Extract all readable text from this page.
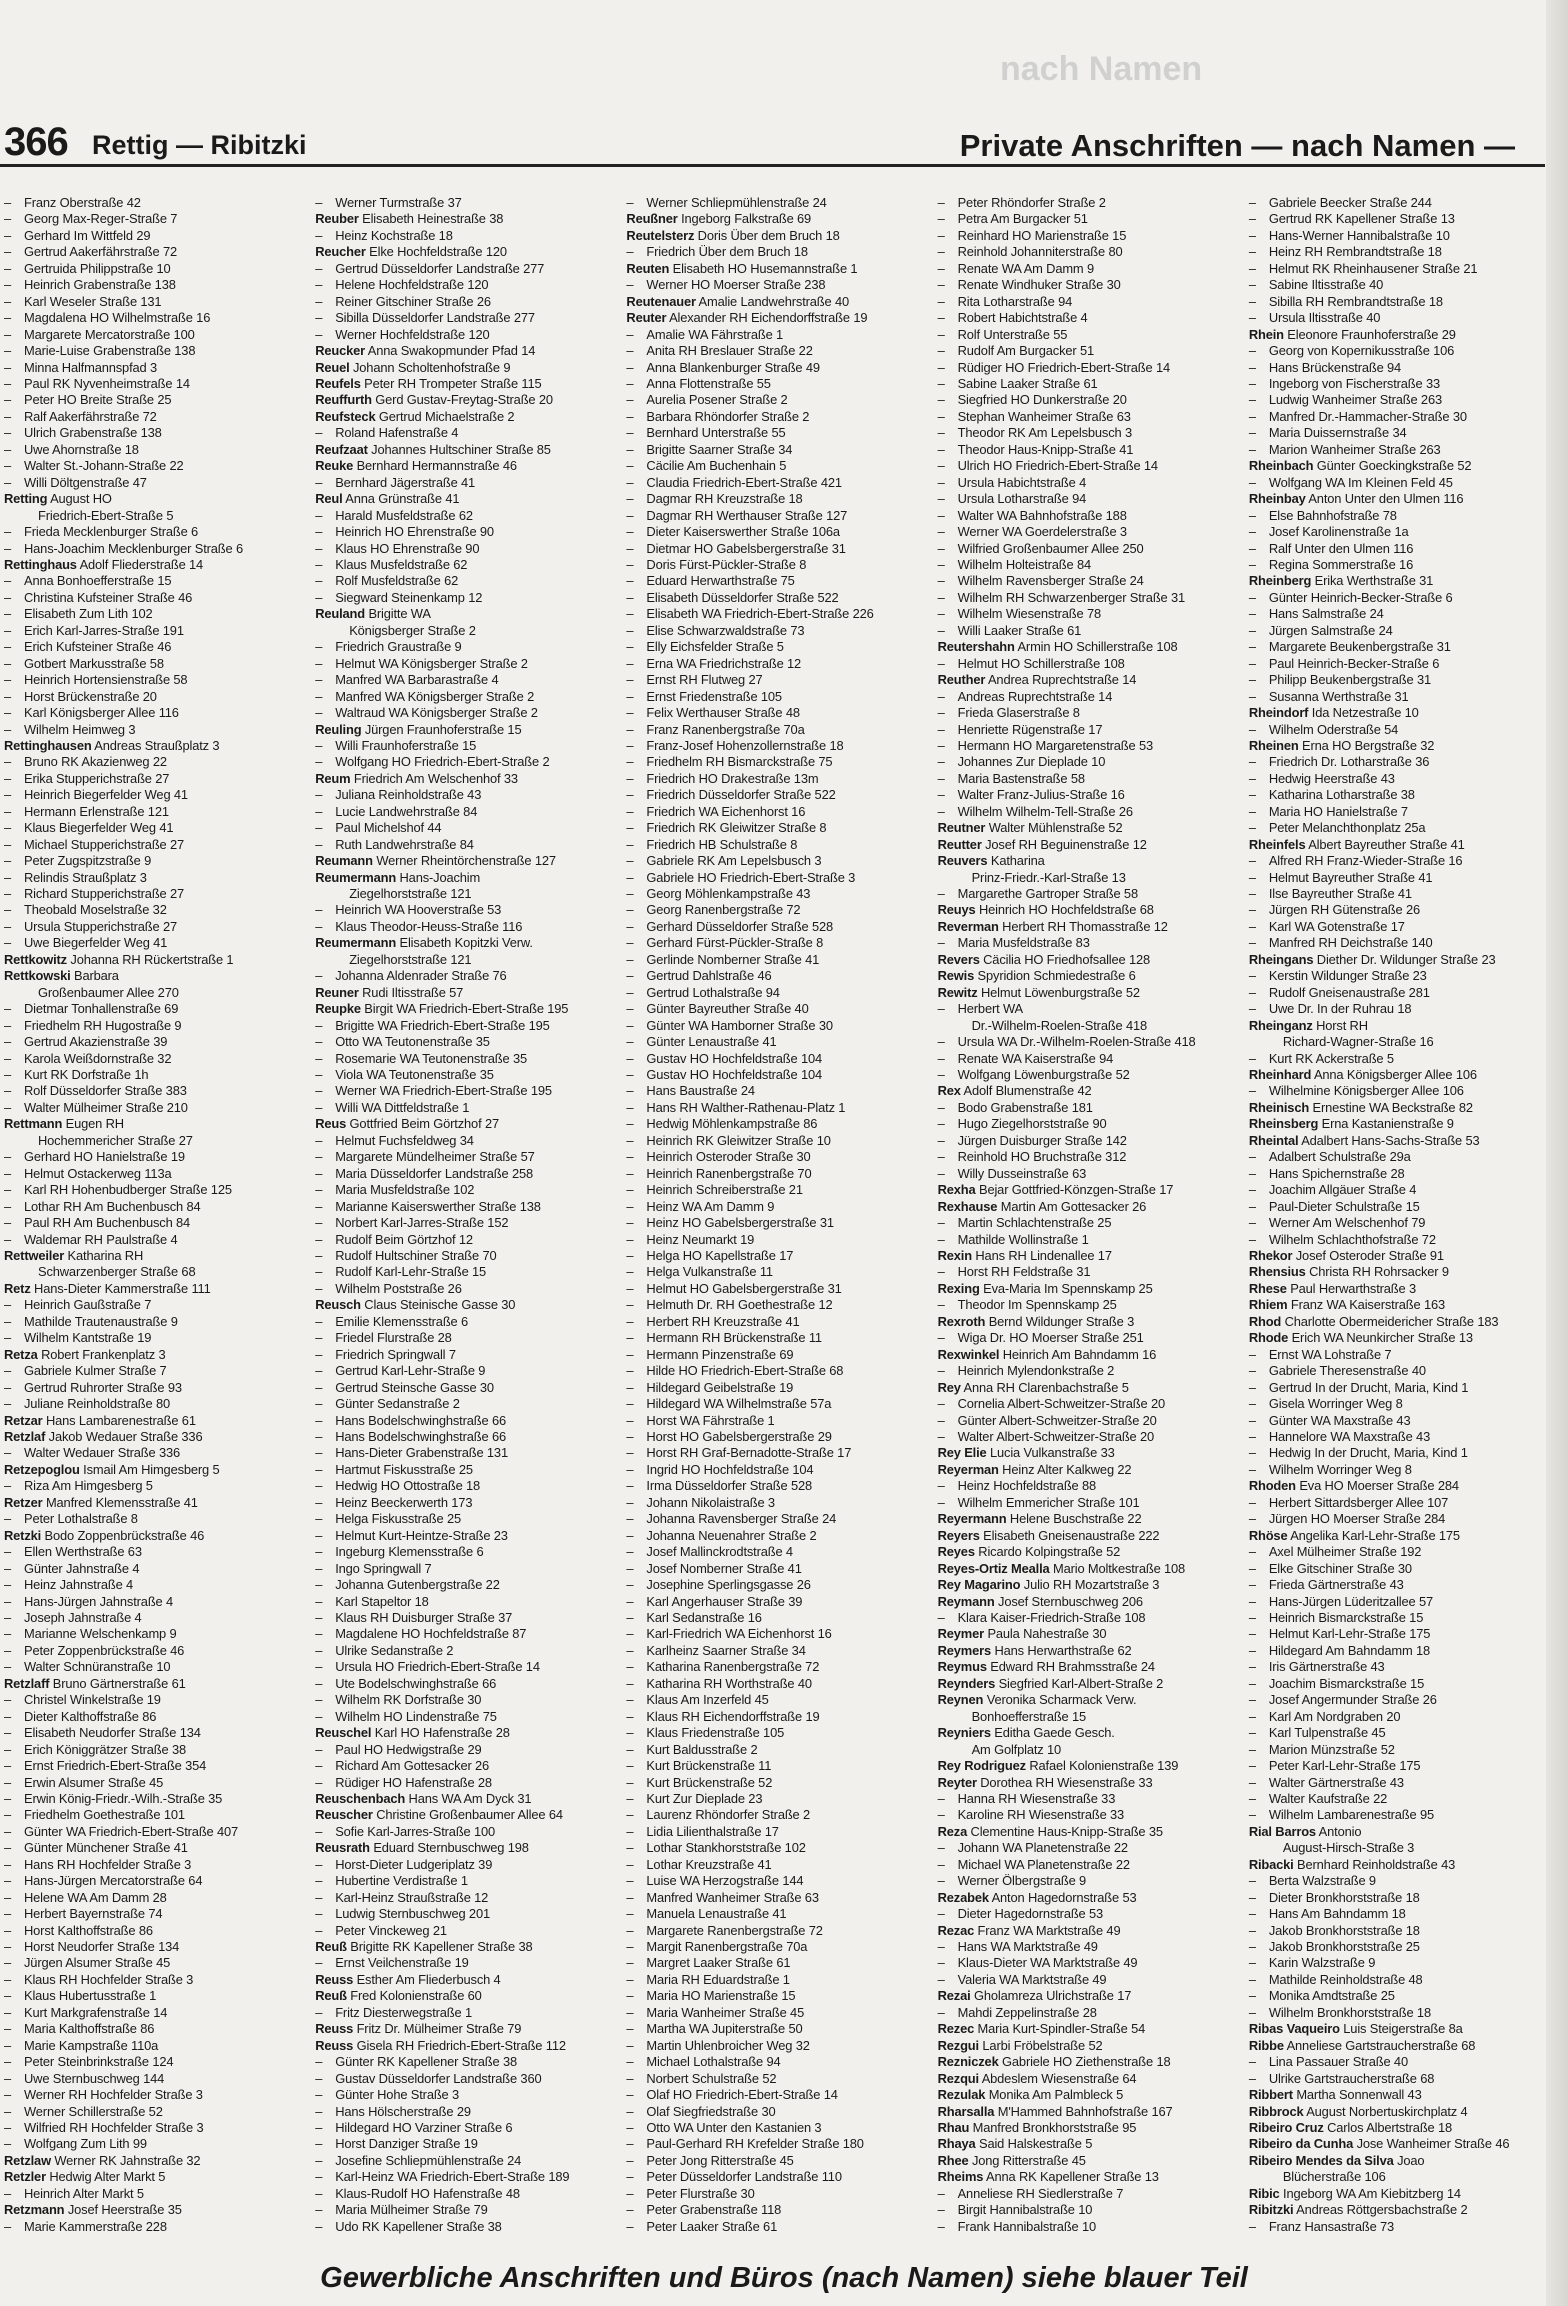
nach Namen
366 Rettig — Ribitzki	Private Anschriften — nach Namen —
– Franz Oberstraße 42
– Georg Max-Reger-Straße 7
– Gerhard Im Wittfeld 29
– Gertrud Aakerfährstraße 72
– Gertruida Philippstraße 10
– Heinrich Grabenstraße 138
– Karl Weseler Straße 131
– Magdalena HO Wilhelmstraße 16
– Margarete Mercatorstraße 100
– Marie-Luise Grabenstraße 138
– Minna Halfmannspfad 3
– Paul RK Nyvenheimstraße 14
– Peter HO Breite Straße 25
– Ralf Aakerfährstraße 72
– Ulrich Grabenstraße 138
– Uwe Ahornstraße 18
– Walter St.-Johann-Straße 22
– Willi Döltgenstraße 47
Retting August HO
Friedrich-Ebert-Straße 5
– Frieda Mecklenburger Straße 6
– Hans-Joachim Mecklenburger Straße 6
Rettinghaus Adolf Fliederstraße 14
– Anna Bonhoefferstraße 15
– Christina Kufsteiner Straße 46
– Elisabeth Zum Lith 102
– Erich Karl-Jarres-Straße 191
– Erich Kufsteiner Straße 46
– Gotbert Markusstraße 58
– Heinrich Hortensienstraße 58
– Horst Brückenstraße 20
– Karl Königsberger Allee 116
– Wilhelm Heimweg 3
Rettinghausen Andreas Straußplatz 3
– Bruno RK Akazienweg 22
– Erika Stupperichstraße 27
– Heinrich Biegerfelder Weg 41
– Hermann Erlenstraße 121
– Klaus Biegerfelder Weg 41
– Michael Stupperichstraße 27
– Peter Zugspitzstraße 9
– Relindis Straußplatz 3
– Richard Stupperichstraße 27
– Theobald Moselstraße 32
– Ursula Stupperichstraße 27
– Uwe Biegerfelder Weg 41
Rettkowitz Johanna RH Rückertstraße 1
Rettkowski Barbara
Großenbaumer Allee 270
– Dietmar Tonhallenstraße 69
– Friedhelm RH Hugostraße 9
– Gertrud Akazienstraße 39
– Karola Weißdornstraße 32
– Kurt RK Dorfstraße 1h
– Rolf Düsseldorfer Straße 383
– Walter Mülheimer Straße 210
Rettmann Eugen RH
Hochemmericher Straße 27
– Gerhard HO Hanielstraße 19
– Helmut Ostackerweg 113a
– Karl RH Hohenbudberger Straße 125
– Lothar RH Am Buchenbusch 84
– Paul RH Am Buchenbusch 84
– Waldemar RH Paulstraße 4
Rettweiler Katharina RH
Schwarzenberger Straße 68
Retz Hans-Dieter Kammerstraße 111
– Heinrich Gaußstraße 7
– Mathilde Trautenaustraße 9
– Wilhelm Kantstraße 19
Retza Robert Frankenplatz 3
– Gabriele Kulmer Straße 7
– Gertrud Ruhrorter Straße 93
– Juliane Reinholdstraße 80
Retzar Hans Lambarenestraße 61
Retzlaf Jakob Wedauer Straße 336
– Walter Wedauer Straße 336
Retzepoglou Ismail Am Himgesberg 5
– Riza Am Himgesberg 5
Retzer Manfred Klemensstraße 41
– Peter Lothalstraße 8
Retzki Bodo Zoppenbrückstraße 46
– Ellen Werthstraße 63
– Günter Jahnstraße 4
– Heinz Jahnstraße 4
– Hans-Jürgen Jahnstraße 4
– Joseph Jahnstraße 4
– Marianne Welschenkamp 9
– Peter Zoppenbrückstraße 46
– Walter Schnüranstraße 10
Retzlaff Bruno Gärtnerstraße 61
– Christel Winkelstraße 19
– Dieter Kalthoffstraße 86
– Elisabeth Neudorfer Straße 134
– Erich Königgrätzer Straße 38
– Ernst Friedrich-Ebert-Straße 354
– Erwin Alsumer Straße 45
– Erwin König-Friedr.-Wilh.-Straße 35
– Friedhelm Goethestraße 101
– Günter WA Friedrich-Ebert-Straße 407
– Günter Münchener Straße 41
– Hans RH Hochfelder Straße 3
– Hans-Jürgen Mercatorstraße 64
– Helene WA Am Damm 28
– Herbert Bayernstraße 74
– Horst Kalthoffstraße 86
– Horst Neudorfer Straße 134
– Jürgen Alsumer Straße 45
– Klaus RH Hochfelder Straße 3
– Klaus Hubertusstraße 1
– Kurt Markgrafenstraße 14
– Maria Kalthoffstraße 86
– Marie Kampstraße 110a
– Peter Steinbrinkstraße 124
– Uwe Sternbuschweg 144
– Werner RH Hochfelder Straße 3
– Werner Schillerstraße 52
– Wilfried RH Hochfelder Straße 3
– Wolfgang Zum Lith 99
Retzlaw Werner RK Jahnstraße 32
Retzler Hedwig Alter Markt 5
– Heinrich Alter Markt 5
Retzmann Josef Heerstraße 35
– Marie Kammerstraße 228
– Werner Turmstraße 37
Reuber Elisabeth Heinestraße 38
– Heinz Kochstraße 18
Reucher Elke Hochfeldstraße 120
– Gertrud Düsseldorfer Landstraße 277
– Helene Hochfeldstraße 120
– Reiner Gitschiner Straße 26
– Sibilla Düsseldorfer Landstraße 277
– Werner Hochfeldstraße 120
Reucker Anna Swakopmunder Pfad 14
Reuel Johann Scholtenhofstraße 9
Reufels Peter RH Trompeter Straße 115
Reuffurth Gerd Gustav-Freytag-Straße 20
Reufsteck Gertrud Michaelstraße 2
– Roland Hafenstraße 4
Reufzaat Johannes Hultschiner Straße 85
Reuke Bernhard Hermannstraße 46
– Bernhard Jägerstraße 41
Reul Anna Grünstraße 41
– Harald Musfeldstraße 62
– Heinrich HO Ehrenstraße 90
– Klaus HO Ehrenstraße 90
– Klaus Musfeldstraße 62
– Rolf Musfeldstraße 62
– Siegward Steinenkamp 12
Reuland Brigitte WA
Königsberger Straße 2
– Friedrich Graustraße 9
– Helmut WA Königsberger Straße 2
– Manfred WA Barbarastraße 4
– Manfred WA Königsberger Straße 2
– Waltraud WA Königsberger Straße 2
Reuling Jürgen Fraunhoferstraße 15
– Willi Fraunhoferstraße 15
– Wolfgang HO Friedrich-Ebert-Straße 2
Reum Friedrich Am Welschenhof 33
– Juliana Reinholdstraße 43
– Lucie Landwehrstraße 84
– Paul Michelshof 44
– Ruth Landwehrstraße 84
Reumann Werner Rheintörchenstraße 127
Reumermann Hans-Joachim
Ziegelhorststraße 121
– Heinrich WA Hooverstraße 53
– Klaus Theodor-Heuss-Straße 116
Reumermann Elisabeth Kopitzki Verw.
Ziegelhorststraße 121
– Johanna Aldenrader Straße 76
Reuner Rudi Iltisstraße 57
Reupke Birgit WA Friedrich-Ebert-Straße 195
– Brigitte WA Friedrich-Ebert-Straße 195
– Otto WA Teutonenstraße 35
– Rosemarie WA Teutonenstraße 35
– Viola WA Teutonenstraße 35
– Werner WA Friedrich-Ebert-Straße 195
– Willi WA Dittfeldstraße 1
Reus Gottfried Beim Görtzhof 27
– Helmut Fuchsfeldweg 34
– Margarete Mündelheimer Straße 57
– Maria Düsseldorfer Landstraße 258
– Maria Musfeldstraße 102
– Marianne Kaiserswerther Straße 138
– Norbert Karl-Jarres-Straße 152
– Rudolf Beim Görtzhof 12
– Rudolf Hultschiner Straße 70
– Rudolf Karl-Lehr-Straße 15
– Wilhelm Poststraße 26
Reusch Claus Steinische Gasse 30
– Emilie Klemensstraße 6
– Friedel Flurstraße 28
– Friedrich Springwall 7
– Gertrud Karl-Lehr-Straße 9
– Gertrud Steinsche Gasse 30
– Günter Sedanstraße 2
– Hans Bodelschwinghstraße 66
– Hans Bodelschwinghstraße 66
– Hans-Dieter Grabenstraße 131
– Hartmut Fiskusstraße 25
– Hedwig HO Ottostraße 18
– Heinz Beeckerwerth 173
– Helga Fiskusstraße 25
– Helmut Kurt-Heintze-Straße 23
– Ingeburg Klemensstraße 6
– Ingo Springwall 7
– Johanna Gutenbergstraße 22
– Karl Stapeltor 18
– Klaus RH Duisburger Straße 37
– Magdalene HO Hochfeldstraße 87
– Ulrike Sedanstraße 2
– Ursula HO Friedrich-Ebert-Straße 14
– Ute Bodelschwinghstraße 66
– Wilhelm RK Dorfstraße 30
– Wilhelm HO Lindenstraße 75
Reuschel Karl HO Hafenstraße 28
– Paul HO Hedwigstraße 29
– Richard Am Gottesacker 26
– Rüdiger HO Hafenstraße 28
Reuschenbach Hans WA Am Dyck 31
Reuscher Christine Großenbaumer Allee 64
– Sofie Karl-Jarres-Straße 100
Reusrath Eduard Sternbuschweg 198
– Horst-Dieter Ludgeriplatz 39
– Hubertine Verdistraße 1
– Karl-Heinz Straußstraße 12
– Ludwig Sternbuschweg 201
– Peter Vinckeweg 21
Reuß Brigitte RK Kapellener Straße 38
– Ernst Veilchenstraße 19
Reuss Esther Am Fliederbusch 4
Reuß Fred Kolonienstraße 60
– Fritz Diesterwegstraße 1
Reuss Fritz Dr. Mülheimer Straße 79
Reuss Gisela RH Friedrich-Ebert-Straße 112
– Günter RK Kapellener Straße 38
– Gustav Düsseldorfer Landstraße 360
– Günter Hohe Straße 3
– Hans Hölscherstraße 29
– Hildegard HO Varziner Straße 6
– Horst Danziger Straße 19
– Josefine Schliepmühlenstraße 24
– Karl-Heinz WA Friedrich-Ebert-Straße 189
– Klaus-Rudolf HO Hafenstraße 48
– Maria Mülheimer Straße 79
– Udo RK Kapellener Straße 38
– Werner Schliepmühlenstraße 24
Reußner Ingeborg Falkstraße 69
Reutelsterz Doris Über dem Bruch 18
– Friedrich Über dem Bruch 18
Reuten Elisabeth HO Husemannstraße 1
– Werner HO Moerser Straße 238
Reutenauer Amalie Landwehrstraße 40
Reuter Alexander RH Eichendorffstraße 19
– Amalie WA Fährstraße 1
– Anita RH Breslauer Straße 22
– Anna Blankenburger Straße 49
– Anna Flottenstraße 55
– Aurelia Posener Straße 2
– Barbara Rhöndorfer Straße 2
– Bernhard Unterstraße 55
– Brigitte Saarner Straße 34
– Cäcilie Am Buchenhain 5
– Claudia Friedrich-Ebert-Straße 421
– Dagmar RH Kreuzstraße 18
– Dagmar RH Werthauser Straße 127
– Dieter Kaiserswerther Straße 106a
– Dietmar HO Gabelsbergerstraße 31
– Doris Fürst-Pückler-Straße 8
– Eduard Herwarthstraße 75
– Elisabeth Düsseldorfer Straße 522
– Elisabeth WA Friedrich-Ebert-Straße 226
– Elise Schwarzwaldstraße 73
– Elly Eichsfelder Straße 5
– Erna WA Friedrichstraße 12
– Ernst RH Flutweg 27
– Ernst Friedenstraße 105
– Felix Werthauser Straße 48
– Franz Ranenbergstraße 70a
– Franz-Josef Hohenzollernstraße 18
– Friedhelm RH Bismarckstraße 75
– Friedrich HO Drakestraße 13m
– Friedrich Düsseldorfer Straße 522
– Friedrich WA Eichenhorst 16
– Friedrich RK Gleiwitzer Straße 8
– Friedrich HB Schulstraße 8
– Gabriele RK Am Lepelsbusch 3
– Gabriele HO Friedrich-Ebert-Straße 3
– Georg Möhlenkampstraße 43
– Georg Ranenbergstraße 72
– Gerhard Düsseldorfer Straße 528
– Gerhard Fürst-Pückler-Straße 8
– Gerlinde Nomberner Straße 41
– Gertrud Dahlstraße 46
– Gertrud Lothalstraße 94
– Günter Bayreuther Straße 40
– Günter WA Hamborner Straße 30
– Günter Lenaustraße 41
– Gustav HO Hochfeldstraße 104
– Gustav HO Hochfeldstraße 104
– Hans Baustraße 24
– Hans RH Walther-Rathenau-Platz 1
– Hedwig Möhlenkampstraße 86
– Heinrich RK Gleiwitzer Straße 10
– Heinrich Osteroder Straße 30
– Heinrich Ranenbergstraße 70
– Heinrich Schreiberstraße 21
– Heinz WA Am Damm 9
– Heinz HO Gabelsbergerstraße 31
– Heinz Neumarkt 19
– Helga HO Kapellstraße 17
– Helga Vulkanstraße 11
– Helmut HO Gabelsbergerstraße 31
– Helmuth Dr. RH Goethestraße 12
– Herbert RH Kreuzstraße 41
– Hermann RH Brückenstraße 11
– Hermann Pinzenstraße 69
– Hilde HO Friedrich-Ebert-Straße 68
– Hildegard Geibelstraße 19
– Hildegard WA Wilhelmstraße 57a
– Horst WA Fährstraße 1
– Horst HO Gabelsbergerstraße 29
– Horst RH Graf-Bernadotte-Straße 17
– Ingrid HO Hochfeldstraße 104
– Irma Düsseldorfer Straße 528
– Johann Nikolaistraße 3
– Johanna Ravensberger Straße 24
– Johanna Neuenahrer Straße 2
– Josef Mallinckrodtstraße 4
– Josef Nomberner Straße 41
– Josephine Sperlingsgasse 26
– Karl Angerhauser Straße 39
– Karl Sedanstraße 16
– Karl-Friedrich WA Eichenhorst 16
– Karlheinz Saarner Straße 34
– Katharina Ranenbergstraße 72
– Katharina RH Worthstraße 40
– Klaus Am Inzerfeld 45
– Klaus RH Eichendorffstraße 19
– Klaus Friedenstraße 105
– Kurt Baldusstraße 2
– Kurt Brückenstraße 11
– Kurt Brückenstraße 52
– Kurt Zur Dieplade 23
– Laurenz Rhöndorfer Straße 2
– Lidia Lilienthalstraße 17
– Lothar Stankhorststraße 102
– Lothar Kreuzstraße 41
– Luise WA Herzogstraße 144
– Manfred Wanheimer Straße 63
– Manuela Lenaustraße 41
– Margarete Ranenbergstraße 72
– Margit Ranenbergstraße 70a
– Margret Laaker Straße 61
– Maria RH Eduardstraße 1
– Maria HO Marienstraße 15
– Maria Wanheimer Straße 45
– Martha WA Jupiterstraße 50
– Martin Uhlenbroicher Weg 32
– Michael Lothalstraße 94
– Norbert Schulstraße 52
– Olaf HO Friedrich-Ebert-Straße 14
– Olaf Siegfriedstraße 30
– Otto WA Unter den Kastanien 3
– Paul-Gerhard RH Krefelder Straße 180
– Peter Jong Ritterstraße 45
– Peter Düsseldorfer Landstraße 110
– Peter Flurstraße 30
– Peter Grabenstraße 118
– Peter Laaker Straße 61
– Peter Rhöndorfer Straße 2
– Petra Am Burgacker 51
– Reinhard HO Marienstraße 15
– Reinhold Johanniterstraße 80
– Renate WA Am Damm 9
– Renate Windhuker Straße 30
– Rita Lotharstraße 94
– Robert Habichtstraße 4
– Rolf Unterstraße 55
– Rudolf Am Burgacker 51
– Rüdiger HO Friedrich-Ebert-Straße 14
– Sabine Laaker Straße 61
– Siegfried HO Dunkerstraße 20
– Stephan Wanheimer Straße 63
– Theodor RK Am Lepelsbusch 3
– Theodor Haus-Knipp-Straße 41
– Ulrich HO Friedrich-Ebert-Straße 14
– Ursula Habichtstraße 4
– Ursula Lotharstraße 94
– Walter WA Bahnhofstraße 188
– Werner WA Goerdelerstraße 3
– Wilfried Großenbaumer Allee 250
– Wilhelm Holteistraße 84
– Wilhelm Ravensberger Straße 24
– Wilhelm RH Schwarzenberger Straße 31
– Wilhelm Wiesenstraße 78
– Willi Laaker Straße 61
Reutershahn Armin HO Schillerstraße 108
– Helmut HO Schillerstraße 108
Reuther Andrea Ruprechtstraße 14
– Andreas Ruprechtstraße 14
– Frieda Glaserstraße 8
– Henriette Rügenstraße 17
– Hermann HO Margaretenstraße 53
– Johannes Zur Dieplade 10
– Maria Bastenstraße 58
– Walter Franz-Julius-Straße 16
– Wilhelm Wilhelm-Tell-Straße 26
Reutner Walter Mühlenstraße 52
Reutter Josef RH Beguinenstraße 12
Reuvers Katharina
Prinz-Friedr.-Karl-Straße 13
– Margarethe Gartroper Straße 58
Reuys Heinrich HO Hochfeldstraße 68
Reverman Herbert RH Thomasstraße 12
– Maria Musfeldstraße 83
Revers Cäcilia HO Friedhofsallee 128
Rewis Spyridion Schmiedestraße 6
Rewitz Helmut Löwenburgstraße 52
– Herbert WA
Dr.-Wilhelm-Roelen-Straße 418
– Ursula WA Dr.-Wilhelm-Roelen-Straße 418
– Renate WA Kaiserstraße 94
– Wolfgang Löwenburgstraße 52
Rex Adolf Blumenstraße 42
– Bodo Grabenstraße 181
– Hugo Ziegelhorststraße 90
– Jürgen Duisburger Straße 142
– Reinhold HO Bruchstraße 312
– Willy Dusseinstraße 63
Rexha Bejar Gottfried-Könzgen-Straße 17
Rexhause Martin Am Gottesacker 26
– Martin Schlachtenstraße 25
– Mathilde Wollinstraße 1
Rexin Hans RH Lindenallee 17
– Horst RH Feldstraße 31
Rexing Eva-Maria Im Spennskamp 25
– Theodor Im Spennskamp 25
Rexroth Bernd Wildunger Straße 3
– Wiga Dr. HO Moerser Straße 251
Rexwinkel Heinrich Am Bahndamm 16
– Heinrich Mylendonkstraße 2
Rey Anna RH Clarenbachstraße 5
– Cornelia Albert-Schweitzer-Straße 20
– Günter Albert-Schweitzer-Straße 20
– Walter Albert-Schweitzer-Straße 20
Rey Elie Lucia Vulkanstraße 33
Reyerman Heinz Alter Kalkweg 22
– Heinz Hochfeldstraße 88
– Wilhelm Emmericher Straße 101
Reyermann Helene Buschstraße 22
Reyers Elisabeth Gneisenaustraße 222
Reyes Ricardo Kolpingstraße 52
Reyes-Ortiz Mealla Mario Moltkestraße 108
Rey Magarino Julio RH Mozartstraße 3
Reymann Josef Sternbuschweg 206
– Klara Kaiser-Friedrich-Straße 108
Reymer Paula Nahestraße 30
Reymers Hans Herwarthstraße 62
Reymus Edward RH Brahmsstraße 24
Reynders Siegfried Karl-Albert-Straße 2
Reynen Veronika Scharmack Verw.
Bonhoefferstraße 15
Reyniers Editha Gaede Gesch.
Am Golfplatz 10
Rey Rodriguez Rafael Kolonienstraße 139
Reyter Dorothea RH Wiesenstraße 33
– Hanna RH Wiesenstraße 33
– Karoline RH Wiesenstraße 33
Reza Clementine Haus-Knipp-Straße 35
– Johann WA Planetenstraße 22
– Michael WA Planetenstraße 22
– Werner Ölbergstraße 9
Rezabek Anton Hagedornstraße 53
– Dieter Hagedornstraße 53
Rezac Franz WA Marktstraße 49
– Hans WA Marktstraße 49
– Klaus-Dieter WA Marktstraße 49
– Valeria WA Marktstraße 49
Rezai Gholamreza Ulrichstraße 17
– Mahdi Zeppelinstraße 28
Rezec Maria Kurt-Spindler-Straße 54
Rezgui Larbi Fröbelstraße 52
Rezniczek Gabriele HO Ziethenstraße 18
Rezqui Abdeslem Wiesenstraße 64
Rezulak Monika Am Palmbleck 5
Rharsalla M'Hammed Bahnhofstraße 167
Rhau Manfred Bronkhorststraße 95
Rhaya Said Halskestraße 5
Rhee Jong Ritterstraße 45
Rheims Anna RK Kapellener Straße 13
– Anneliese RH Siedlerstraße 7
– Birgit Hannibalstraße 10
– Frank Hannibalstraße 10
– Gabriele Beecker Straße 244
– Gertrud RK Kapellener Straße 13
– Hans-Werner Hannibalstraße 10
– Heinz RH Rembrandtstraße 18
– Helmut RK Rheinhausener Straße 21
– Sabine Iltisstraße 40
– Sibilla RH Rembrandtstraße 18
– Ursula Iltisstraße 40
Rhein Eleonore Fraunhoferstraße 29
– Georg von Kopernikusstraße 106
– Hans Brückenstraße 94
– Ingeborg von Fischerstraße 33
– Ludwig Wanheimer Straße 263
– Manfred Dr.-Hammacher-Straße 30
– Maria Duissernstraße 34
– Marion Wanheimer Straße 263
Rheinbach Günter Goeckingkstraße 52
– Wolfgang WA Im Kleinen Feld 45
Rheinbay Anton Unter den Ulmen 116
– Else Bahnhofstraße 78
– Josef Karolinenstraße 1a
– Ralf Unter den Ulmen 116
– Regina Sommerstraße 16
Rheinberg Erika Werthstraße 31
– Günter Heinrich-Becker-Straße 6
– Hans Salmstraße 24
– Jürgen Salmstraße 24
– Margarete Beukenbergstraße 31
– Paul Heinrich-Becker-Straße 6
– Philipp Beukenbergstraße 31
– Susanna Werthstraße 31
Rheindorf Ida Netzestraße 10
– Wilhelm Oderstraße 54
Rheinen Erna HO Bergstraße 32
– Friedrich Dr. Lotharstraße 36
– Hedwig Heerstraße 43
– Katharina Lotharstraße 38
– Maria HO Hanielstraße 7
– Peter Melanchthonplatz 25a
Rheinfels Albert Bayreuther Straße 41
– Alfred RH Franz-Wieder-Straße 16
– Helmut Bayreuther Straße 41
– Ilse Bayreuther Straße 41
– Jürgen RH Gütenstraße 26
– Karl WA Gotenstraße 17
– Manfred RH Deichstraße 140
Rheingans Diether Dr. Wildunger Straße 23
– Kerstin Wildunger Straße 23
– Rudolf Gneisenaustraße 281
– Uwe Dr. In der Ruhrau 18
Rheinganz Horst RH
Richard-Wagner-Straße 16
– Kurt RK Ackerstraße 5
Rheinhard Anna Königsberger Allee 106
– Wilhelmine Königsberger Allee 106
Rheinisch Ernestine WA Beckstraße 82
Rheinsberg Erna Kastanienstraße 9
Rheintal Adalbert Hans-Sachs-Straße 53
– Adalbert Schulstraße 29a
– Hans Spichernstraße 28
– Joachim Allgäuer Straße 4
– Paul-Dieter Schulstraße 15
– Werner Am Welschenhof 79
– Wilhelm Schlachthofstraße 72
Rhekor Josef Osteroder Straße 91
Rhensius Christa RH Rohrsacker 9
Rhese Paul Herwarthstraße 3
Rhiem Franz WA Kaiserstraße 163
Rhod Charlotte Obermeidericher Straße 183
Rhode Erich WA Neunkircher Straße 13
– Ernst WA Lohstraße 7
– Gabriele Theresenstraße 40
– Gertrud In der Drucht, Maria, Kind 1
– Gisela Worringer Weg 8
– Günter WA Maxstraße 43
– Hannelore WA Maxstraße 43
– Hedwig In der Drucht, Maria, Kind 1
– Wilhelm Worringer Weg 8
Rhoden Eva HO Moerser Straße 284
– Herbert Sittardsberger Allee 107
– Jürgen HO Moerser Straße 284
Rhöse Angelika Karl-Lehr-Straße 175
– Axel Mülheimer Straße 192
– Elke Gitschiner Straße 30
– Frieda Gärtnerstraße 43
– Hans-Jürgen Lüderitzallee 57
– Heinrich Bismarckstraße 15
– Helmut Karl-Lehr-Straße 175
– Hildegard Am Bahndamm 18
– Iris Gärtnerstraße 43
– Joachim Bismarckstraße 15
– Josef Angermunder Straße 26
– Karl Am Nordgraben 20
– Karl Tulpenstraße 45
– Marion Münzstraße 52
– Peter Karl-Lehr-Straße 175
– Walter Gärtnerstraße 43
– Walter Kaufstraße 22
– Wilhelm Lambarenestraße 95
Rial Barros Antonio
August-Hirsch-Straße 3
Ribacki Bernhard Reinholdstraße 43
– Berta Walzstraße 9
– Dieter Bronkhorststraße 18
– Hans Am Bahndamm 18
– Jakob Bronkhorststraße 18
– Jakob Bronkhorststraße 25
– Karin Walzstraße 9
– Mathilde Reinholdstraße 48
– Monika Amdtstraße 25
– Wilhelm Bronkhorststraße 18
Ribas Vaqueiro Luis Steigerstraße 8a
Ribbe Anneliese Gartstraucherstraße 68
– Lina Passauer Straße 40
– Ulrike Gartstraucherstraße 68
Ribbert Martha Sonnenwall 43
Ribbrock August Norbertuskirchplatz 4
Ribeiro Cruz Carlos Albertstraße 18
Ribeiro da Cunha Jose Wanheimer Straße 46
Ribeiro Mendes da Silva Joao
Blücherstraße 106
Ribic Ingeborg WA Am Kiebitzberg 14
Ribitzki Andreas Röttgersbachstraße 2
– Franz Hansastraße 73
Gewerbliche Anschriften und Büros (nach Namen) siehe blauer Teil
